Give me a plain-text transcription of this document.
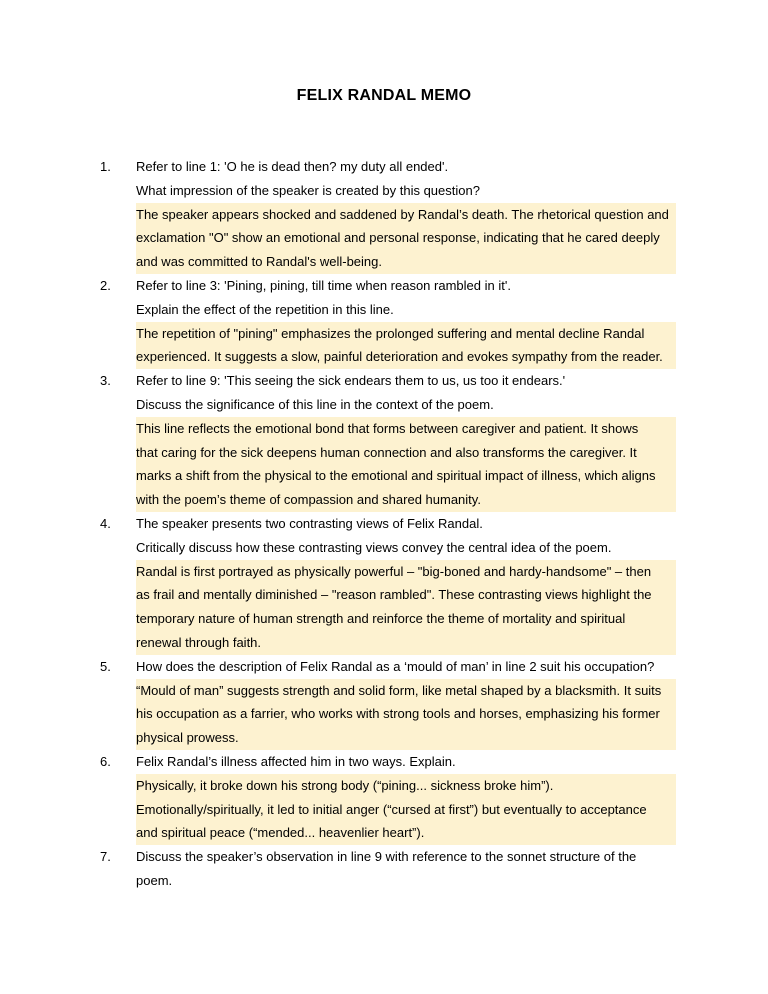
FELIX RANDAL MEMO
1. Refer to line 1: 'O he is dead then? my duty all ended'.
What impression of the speaker is created by this question?
The speaker appears shocked and saddened by Randal’s death. The rhetorical question and
exclamation "O" show an emotional and personal response, indicating that he cared deeply
and was committed to Randal's well-being.
2. Refer to line 3: 'Pining, pining, till time when reason rambled in it'.
Explain the effect of the repetition in this line.
The repetition of "pining" emphasizes the prolonged suffering and mental decline Randal
experienced. It suggests a slow, painful deterioration and evokes sympathy from the reader.
3. Refer to line 9: 'This seeing the sick endears them to us, us too it endears.'
Discuss the significance of this line in the context of the poem.
This line reflects the emotional bond that forms between caregiver and patient. It shows
that caring for the sick deepens human connection and also transforms the caregiver. It
marks a shift from the physical to the emotional and spiritual impact of illness, which aligns
with the poem’s theme of compassion and shared humanity.
4. The speaker presents two contrasting views of Felix Randal.
Critically discuss how these contrasting views convey the central idea of the poem.
Randal is first portrayed as physically powerful – "big-boned and hardy-handsome" – then
as frail and mentally diminished – "reason rambled". These contrasting views highlight the
temporary nature of human strength and reinforce the theme of mortality and spiritual
renewal through faith.
5. How does the description of Felix Randal as a ‘mould of man’ in line 2 suit his occupation?
“Mould of man” suggests strength and solid form, like metal shaped by a blacksmith. It suits
his occupation as a farrier, who works with strong tools and horses, emphasizing his former
physical prowess.
6. Felix Randal’s illness affected him in two ways. Explain.
Physically, it broke down his strong body (“pining... sickness broke him”).
Emotionally/spiritually, it led to initial anger (“cursed at first”) but eventually to acceptance
and spiritual peace (“mended... heavenlier heart”).
7. Discuss the speaker’s observation in line 9 with reference to the sonnet structure of the
poem.
